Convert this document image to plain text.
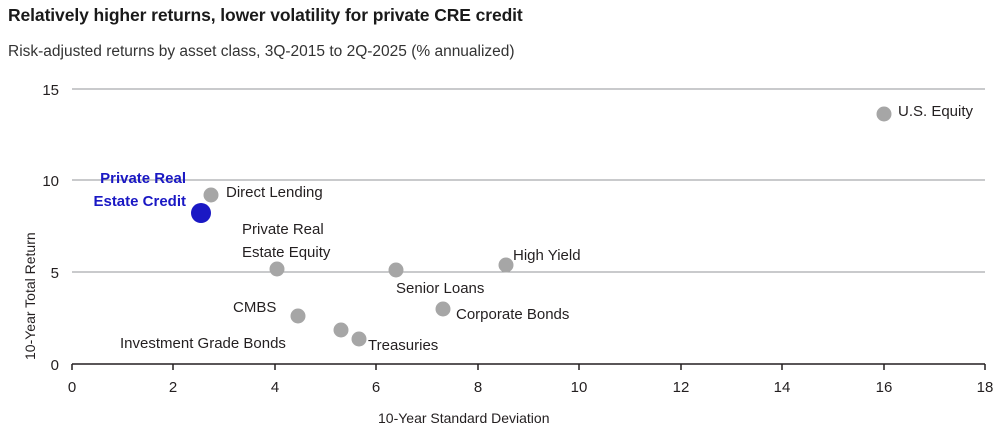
Relatively higher returns, lower volatility for private CRE credit
Risk-adjusted returns by asset class, 3Q-2015 to 2Q-2025 (% annualized)
15
10
5
0
0	2	4	6	8	10	12	14	16	18
U.S. Equity
Direct Lending
Private Real
Estate Credit
Private Real
Estate Equity
Senior Loans
High Yield
Corporate Bonds
CMBS
Investment Grade Bonds	Treasuries
10-Year Total Return
10-Year Standard Deviation
